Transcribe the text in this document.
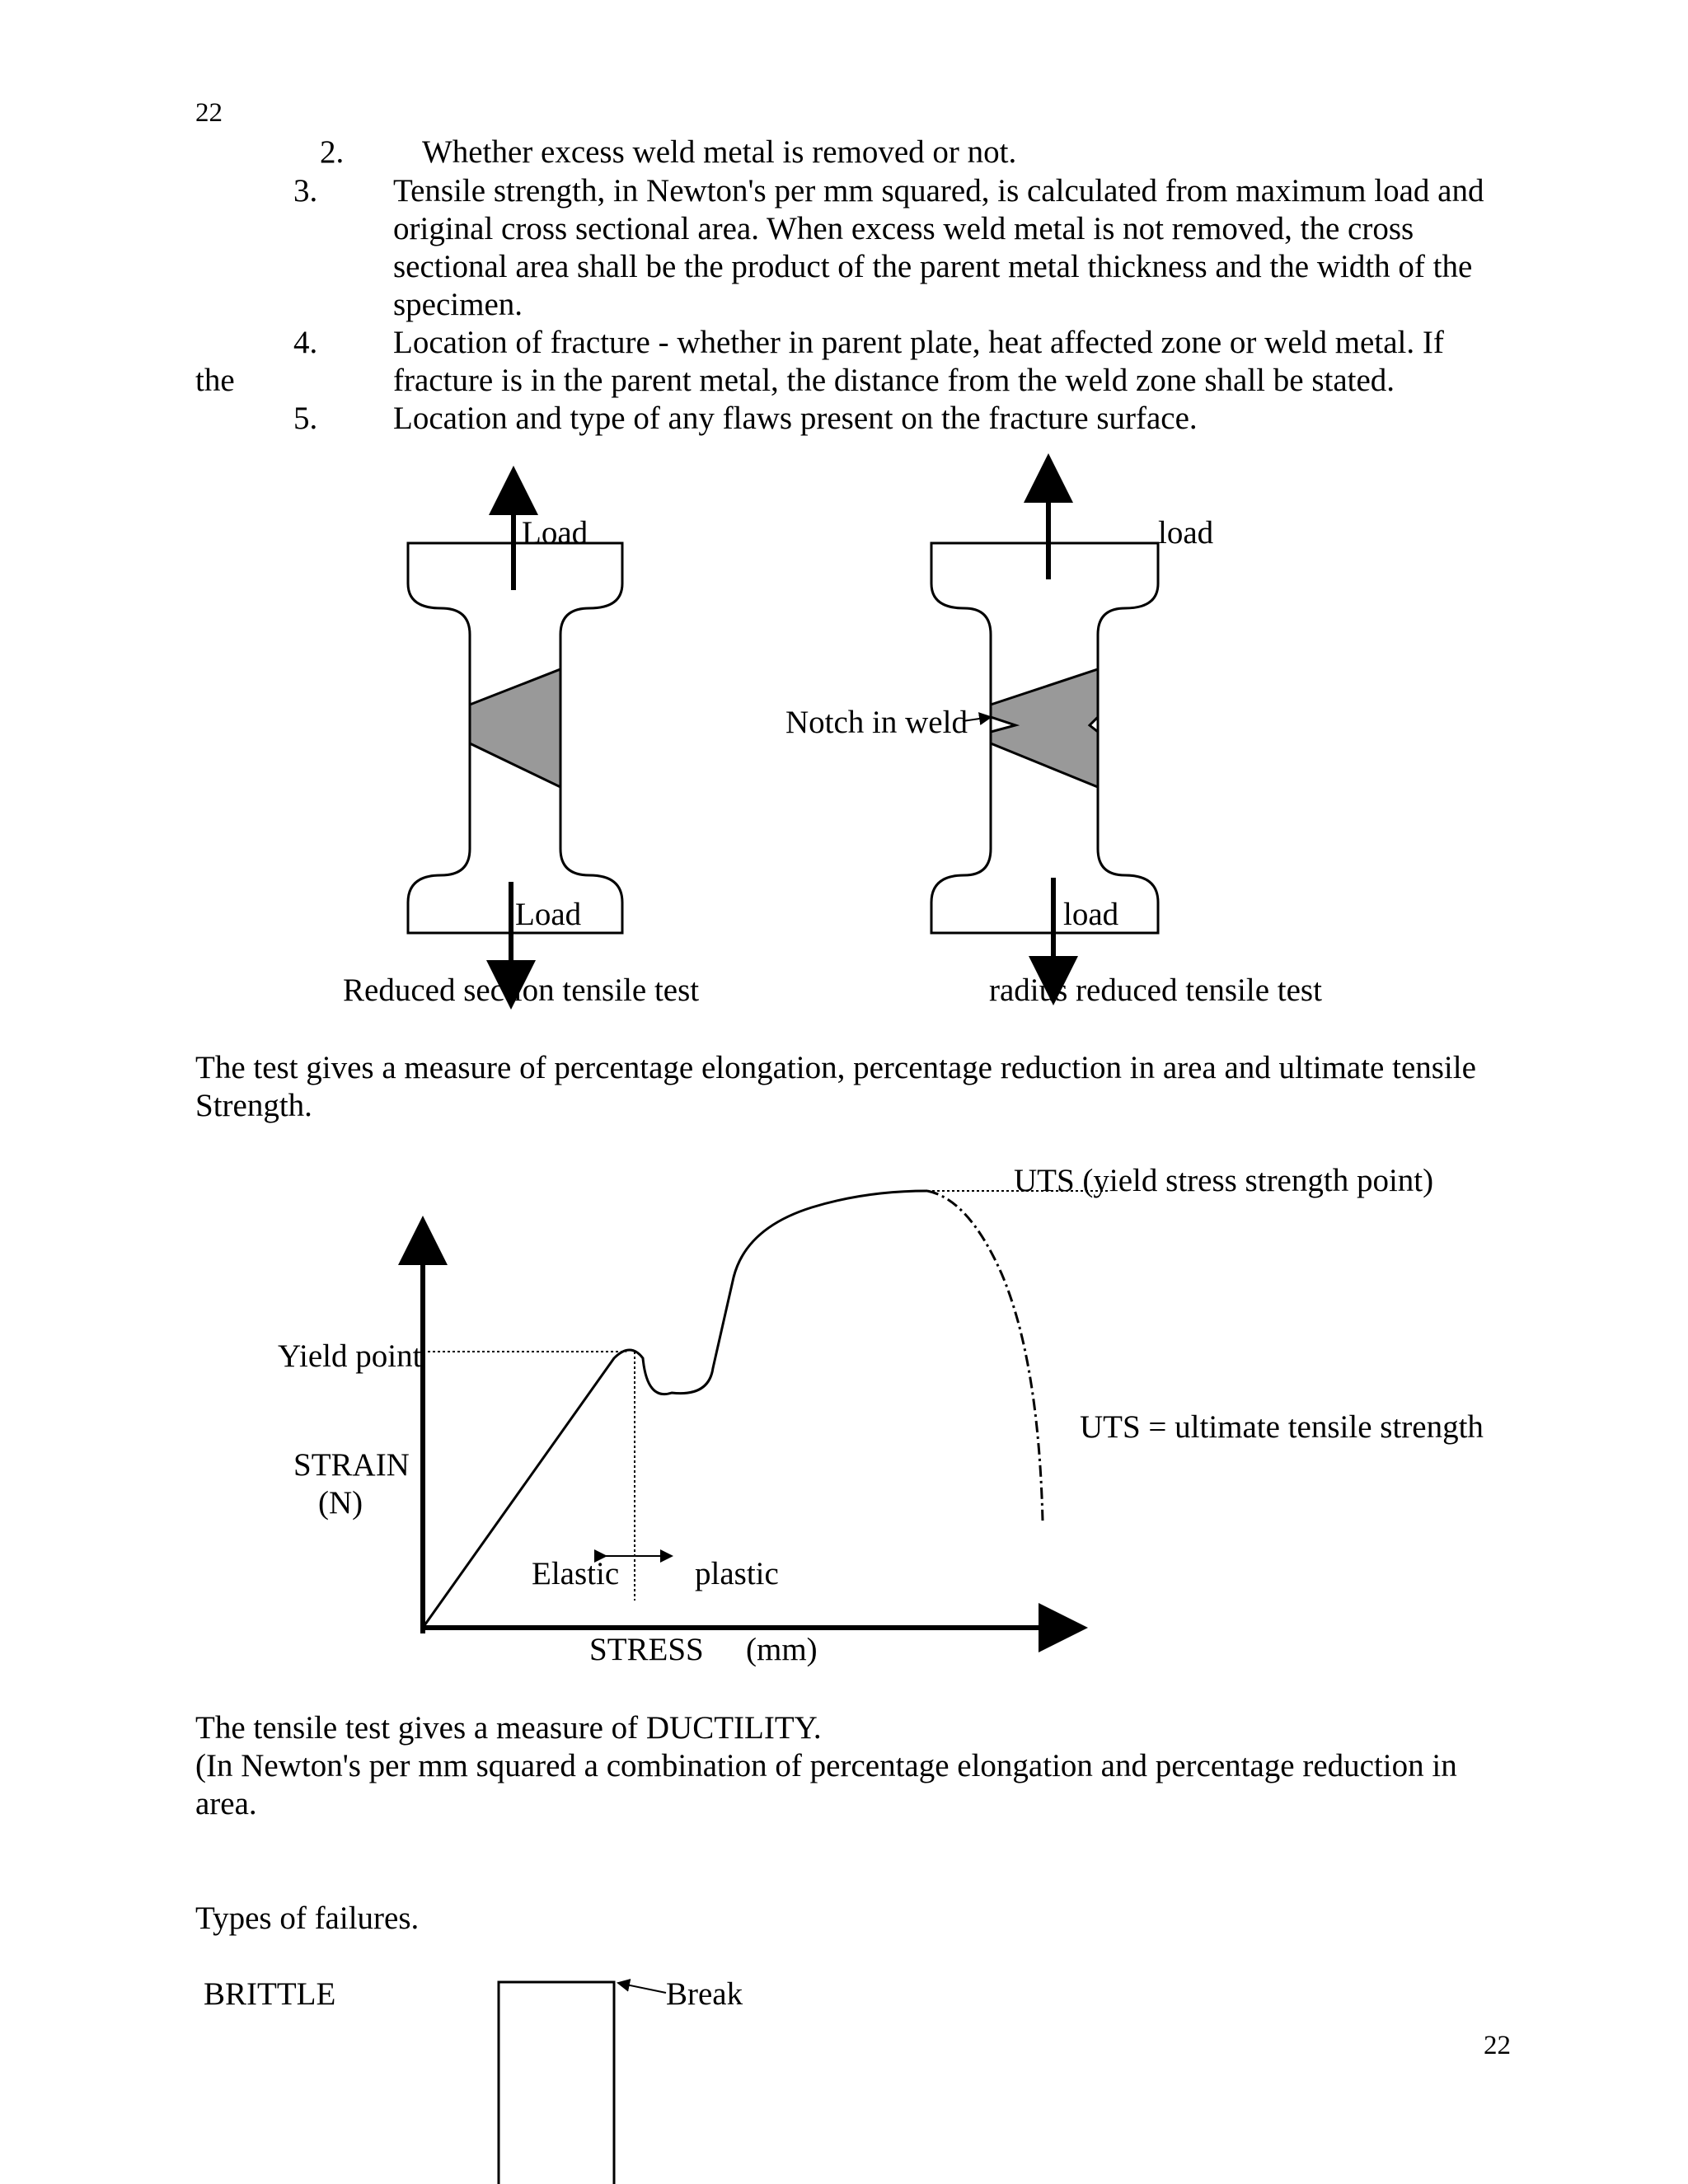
22
2. Whether excess weld metal is removed or not.
3. Tensile strength, in Newton's per mm squared, is calculated from maximum load and
original cross sectional area. When excess weld metal is not removed, the cross
sectional area shall be the product of the parent metal thickness and the width of the
specimen.
4. Location of fracture - whether in parent plate, heat affected zone or weld metal. If
the	fracture is in the parent metal, the distance from the weld zone shall be stated.
5. Location and type of any flaws present on the fracture surface.
Load	load
Notch in weld
Load	load
Reduced section tensile test	radius reduced tensile test
The test gives a measure of percentage elongation, percentage reduction in area and ultimate tensile
Strength.
UTS (yield stress strength point)
Yield point
UTS = ultimate tensile strength
STRAIN
(N)
Elastic plastic
STRESS (mm)
The tensile test gives a measure of DUCTILITY.
(In Newton's per mm squared a combination of percentage elongation and percentage reduction in
area.
Types of failures.
BRITTLE	Break
22
